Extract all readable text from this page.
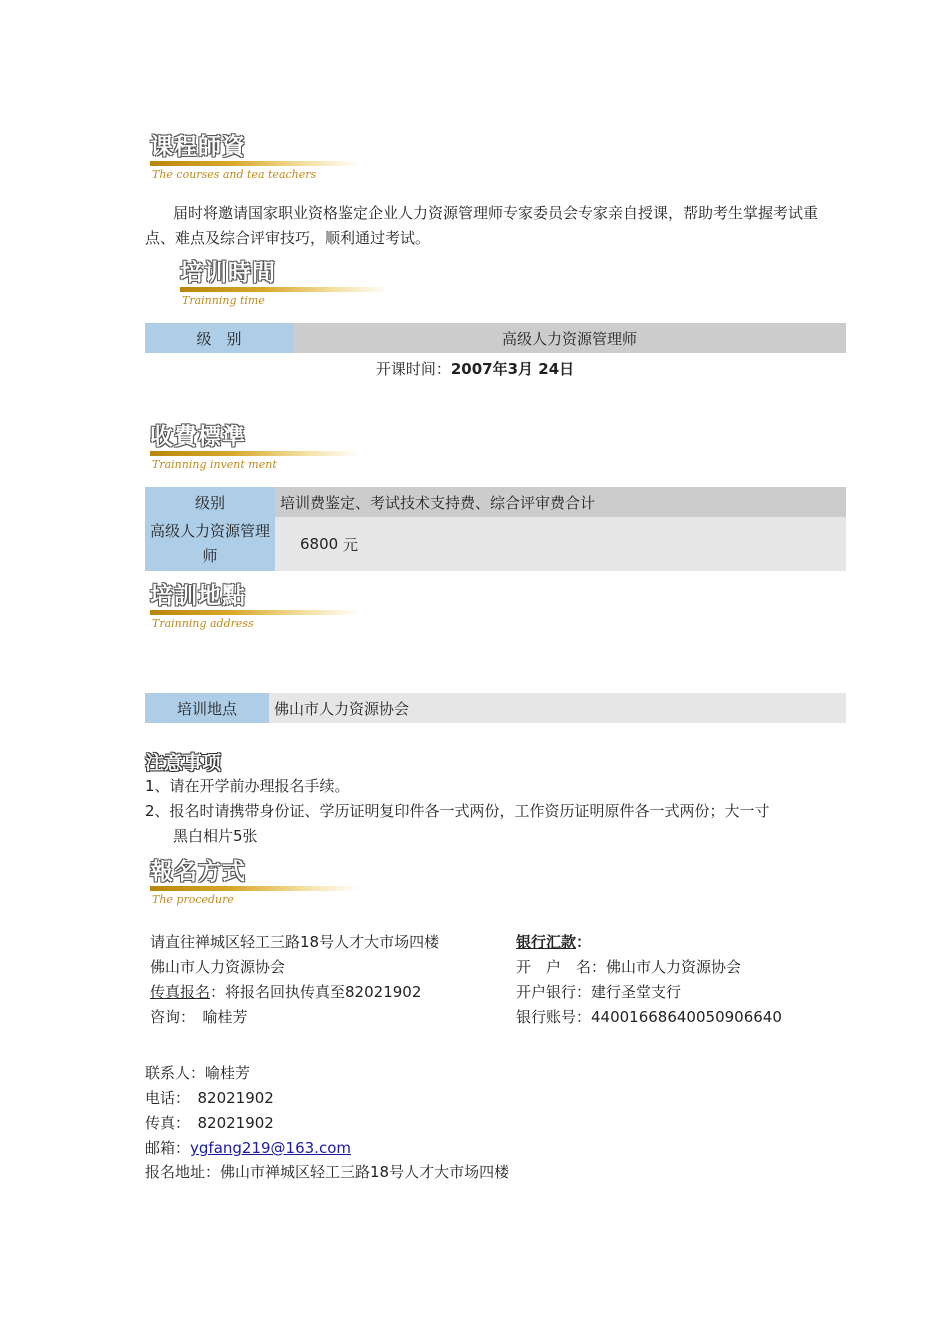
课程師資
The courses and tea teachers
届时将邀请国家职业资格鉴定企业人力资源管理师专家委员会专家亲自授课，帮助考生掌握考试重点、难点及综合评审技巧，顺利通过考试。
培训時間
Trainning time
级　别	高级人力资源管理师
开课时间：2007年3月 24日
收費標準
Trainning invent ment
级别	培训费鉴定、考试技术支持费、综合评审费合计
高级人力资源管理师
6800
元
培訓地點
Trainning address
培训地点 佛山市人力资源协会
注意事项
1、请在开学前办理报名手续。
2、报名时请携带身份证、学历证明复印件各一式两份，工作资历证明原件各一式两份；大一寸
黑白相片5张
報名方式
The procedure
请直往禅城区轻工三路18号人才大市场四楼
佛山市人力资源协会
传真报名：将报名回执传真至82021902
咨询：　喻桂芳
银行汇款：
开　户　名：佛山市人力资源协会
开户银行：建行圣堂支行
银行账号：44001668640050906640
联系人：喻桂芳
电话：　82021902
传真：　82021902
邮箱：ygfang219@163.com
报名地址：佛山市禅城区轻工三路18号人才大市场四楼
